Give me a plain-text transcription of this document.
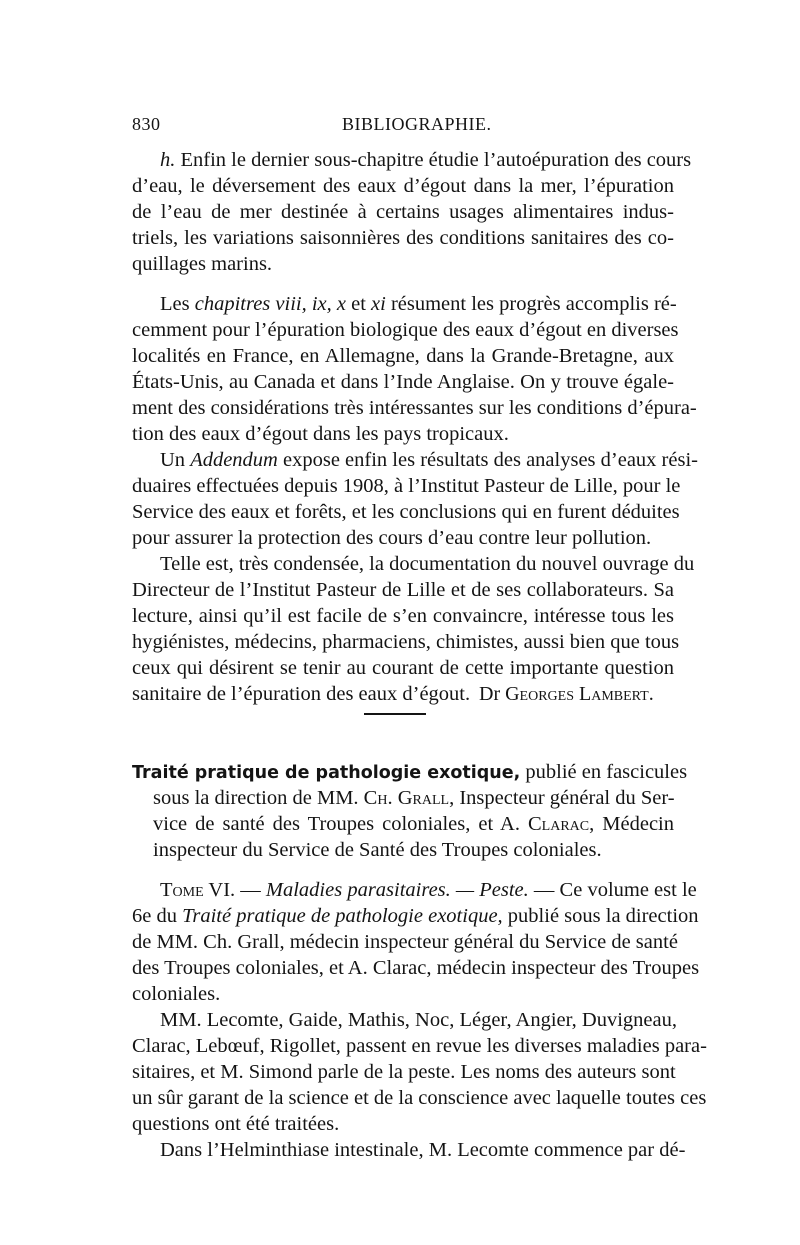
830	BIBLIOGRAPHIE.
h. Enfin le dernier sous-chapitre étudie l’autoépuration des cours
d’eau, le déversement des eaux d’égout dans la mer, l’épuration
de l’eau de mer destinée à certains usages alimentaires indus-
triels, les variations saisonnières des conditions sanitaires des co-
quillages marins.
Les chapitres viii, ix, x et xi résument les progrès accomplis ré-
cemment pour l’épuration biologique des eaux d’égout en diverses
localités en France, en Allemagne, dans la Grande-Bretagne, aux
États-Unis, au Canada et dans l’Inde Anglaise. On y trouve égale-
ment des considérations très intéressantes sur les conditions d’épura-
tion des eaux d’égout dans les pays tropicaux.
Un Addendum expose enfin les résultats des analyses d’eaux rési-
duaires effectuées depuis 1908, à l’Institut Pasteur de Lille, pour le
Service des eaux et forêts, et les conclusions qui en furent déduites
pour assurer la protection des cours d’eau contre leur pollution.
Telle est, très condensée, la documentation du nouvel ouvrage du
Directeur de l’Institut Pasteur de Lille et de ses collaborateurs. Sa
lecture, ainsi qu’il est facile de s’en convaincre, intéresse tous les
hygiénistes, médecins, pharmaciens, chimistes, aussi bien que tous
ceux qui désirent se tenir au courant de cette importante question
sanitaire de l’épuration des eaux d’égout. Dr Georges Lambert.
Traité pratique de pathologie exotique, publié en fascicules
sous la direction de MM. Ch. Grall, Inspecteur général du Ser-
vice de santé des Troupes coloniales, et A. Clarac, Médecin
inspecteur du Service de Santé des Troupes coloniales.
Tome VI. — Maladies parasitaires. — Peste. — Ce volume est le
6e du Traité pratique de pathologie exotique, publié sous la direction
de MM. Ch. Grall, médecin inspecteur général du Service de santé
des Troupes coloniales, et A. Clarac, médecin inspecteur des Troupes
coloniales.
MM. Lecomte, Gaide, Mathis, Noc, Léger, Angier, Duvigneau,
Clarac, Lebœuf, Rigollet, passent en revue les diverses maladies para-
sitaires, et M. Simond parle de la peste. Les noms des auteurs sont
un sûr garant de la science et de la conscience avec laquelle toutes ces
questions ont été traitées.
Dans l’Helminthiase intestinale, M. Lecomte commence par dé-
